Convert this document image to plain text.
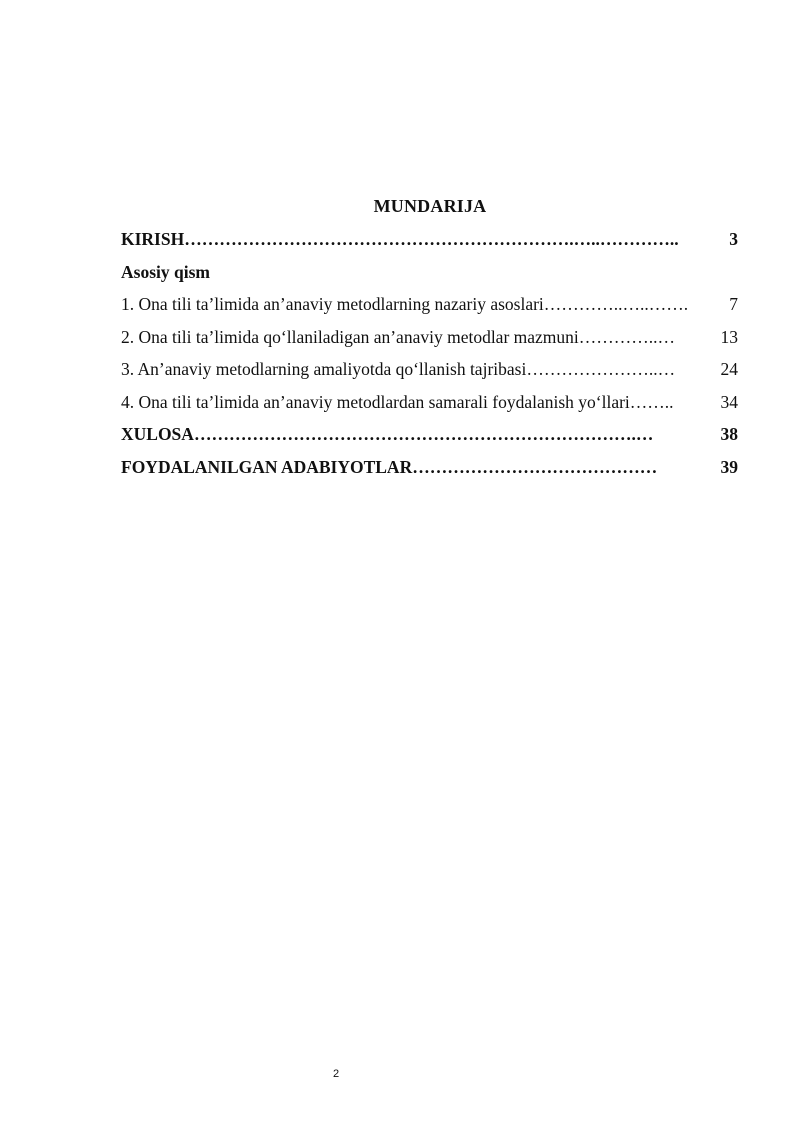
MUNDARIJA
KIRISH ………………………………………………………….…..…………..	3
Asosiy qism
1. Ona tili ta’limida an’anaviy metodlarning nazariy asoslari …………..…..…….	7
2. Ona tili ta’limida qo‘llaniladigan an’anaviy metodlar mazmuni …………..…	13
3. An’anaviy metodlarning amaliyotda qo‘llanish tajribasi …………………..…	24
4. Ona tili ta’limida an’anaviy metodlardan samarali foydalanish yo‘llari ……..	34
XULOSA ………………………………………………………………….…	38
FOYDALANILGAN ADABIYOTLAR ……………………………………	39
2
